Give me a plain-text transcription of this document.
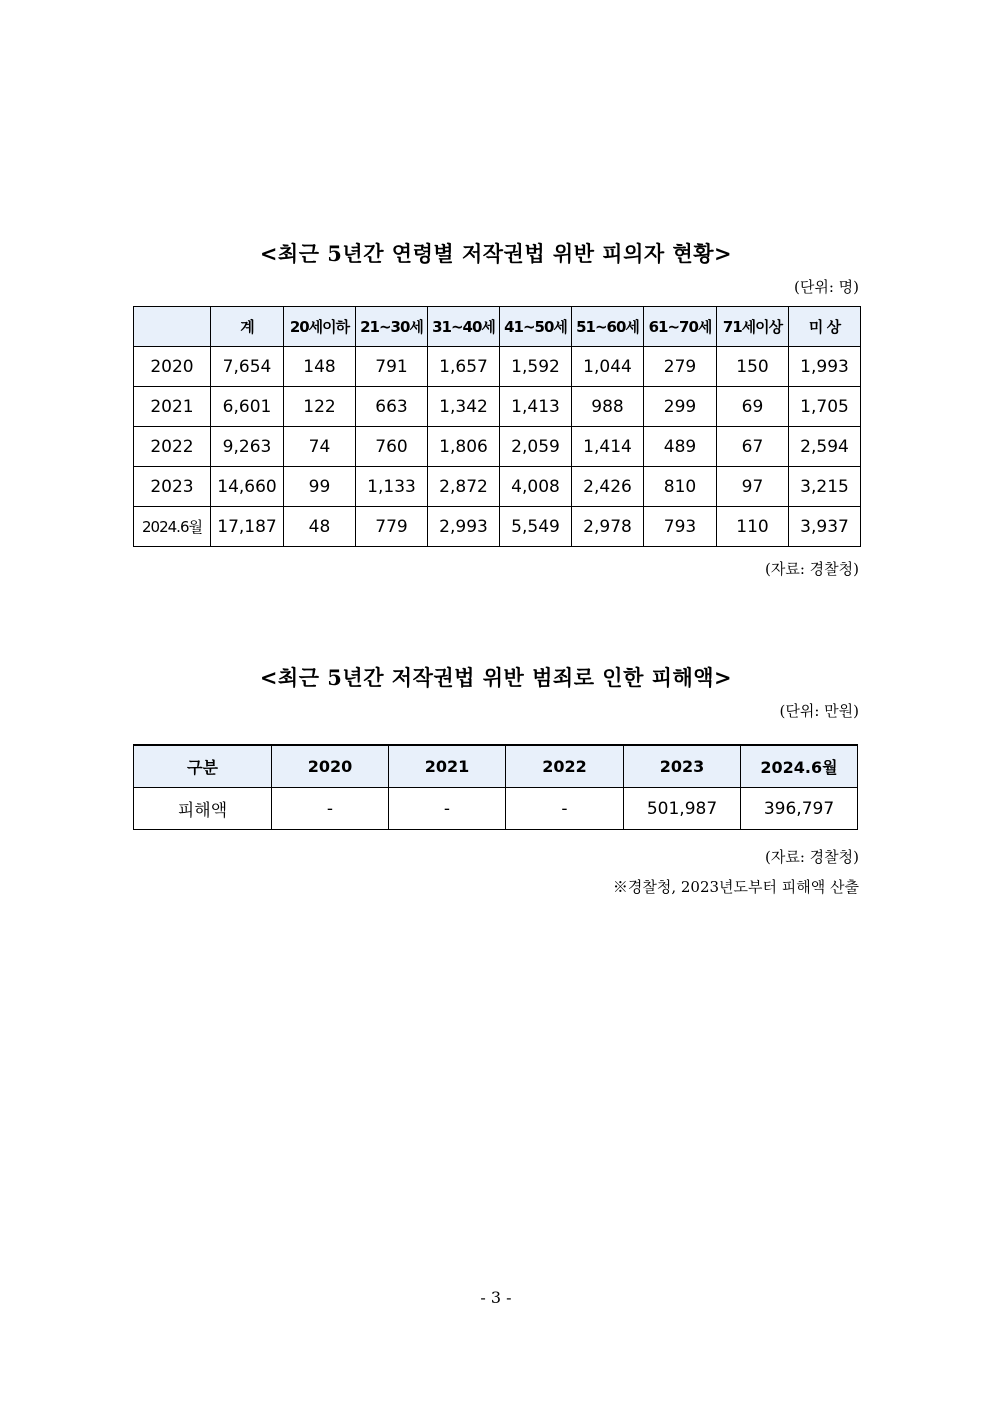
<최근 5년간 연령별 저작권법 위반 피의자 현황>
(단위: 명)
	계	20세이하	21~30세	31~40세	41~50세	51~60세	61~70세	71세이상	미 상
2020	7,654	148	791	1,657	1,592	1,044	279	150	1,993
2021	6,601	122	663	1,342	1,413	988	299	69	1,705
2022	9,263	74	760	1,806	2,059	1,414	489	67	2,594
2023	14,660	99	1,133	2,872	4,008	2,426	810	97	3,215
2024.6월	17,187	48	779	2,993	5,549	2,978	793	110	3,937
(자료: 경찰청)
<최근 5년간 저작권법 위반 범죄로 인한 피해액>
(단위: 만원)
구분	2020	2021	2022	2023	2024.6월
피해액	-	-	-	501,987	396,797
(자료: 경찰청)
※경찰청, 2023년도부터 피해액 산출
- 3 -
